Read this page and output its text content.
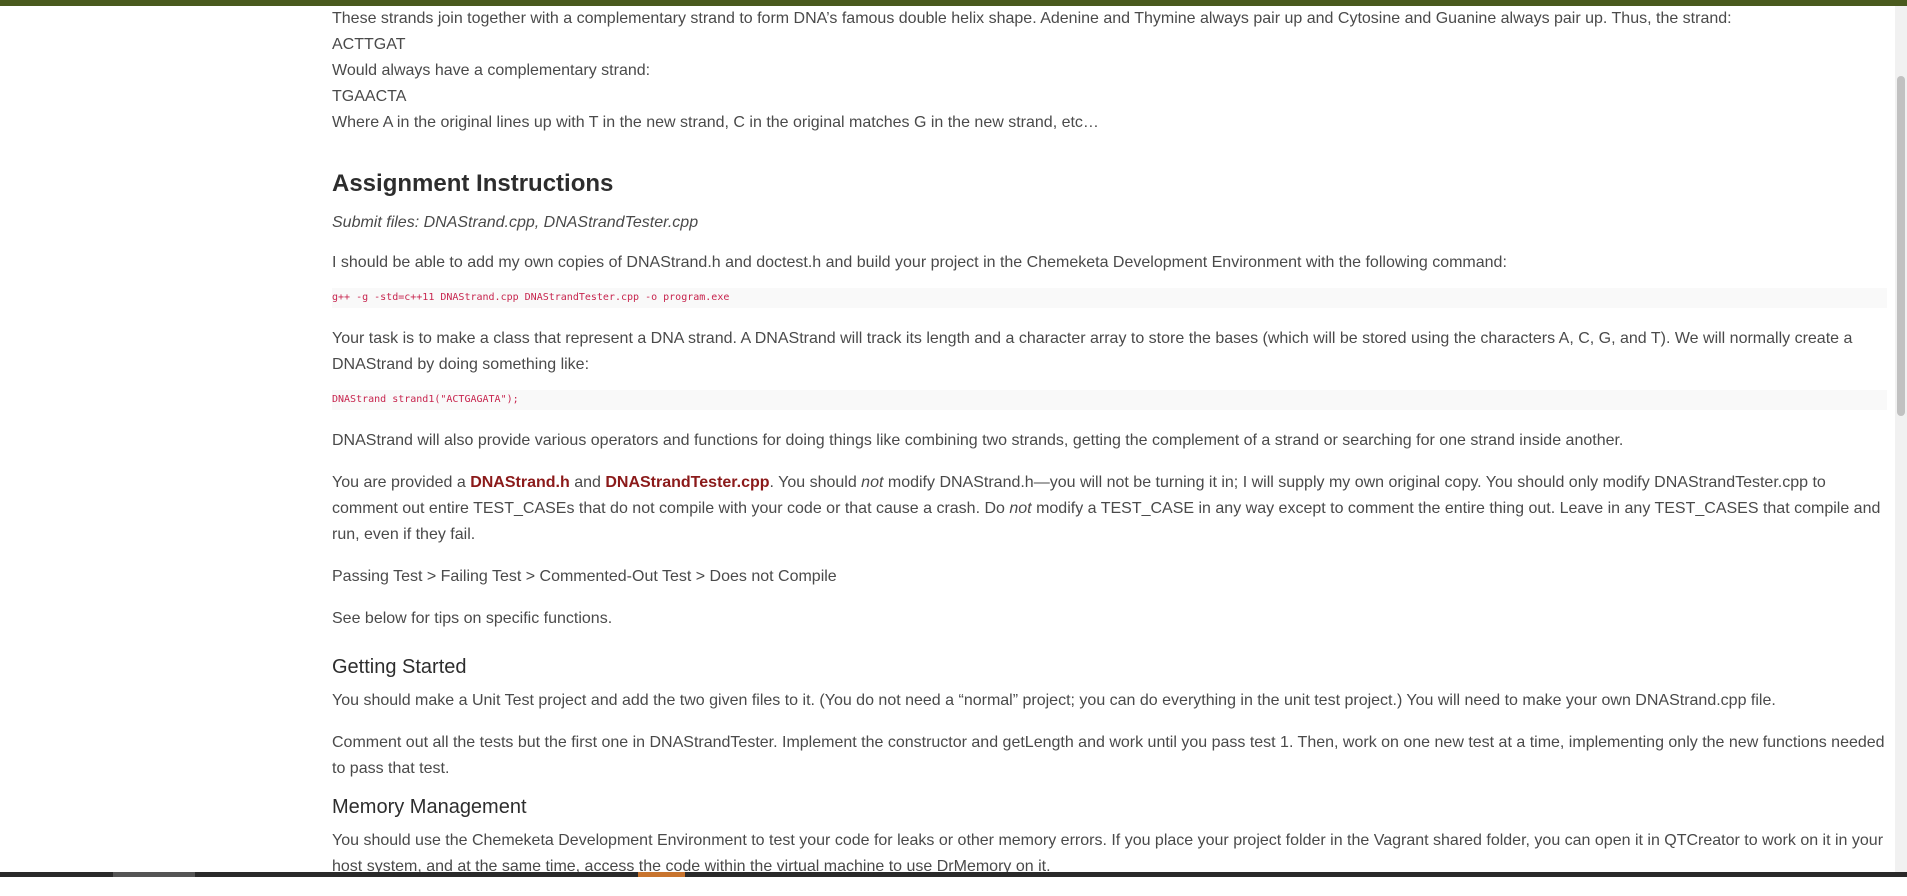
These strands join together with a complementary strand to form DNA’s famous double helix shape. Adenine and Thymine always pair up and Cytosine and Guanine always pair up. Thus, the strand:

ACTTGAT

Would always have a complementary strand:

TGAACTA

Where A in the original lines up with T in the new strand, C in the original matches G in the new strand, etc…

Assignment Instructions

Submit files: DNAStrand.cpp, DNAStrandTester.cpp

I should be able to add my own copies of DNAStrand.h and doctest.h and build your project in the Chemeketa Development Environment with the following command:

g++ -g -std=c++11 DNAStrand.cpp DNAStrandTester.cpp -o program.exe

Your task is to make a class that represent a DNA strand. A DNAStrand will track its length and a character array to store the bases (which will be stored using the characters A, C, G, and T). We will normally create a DNAStrand by doing something like:

DNAStrand strand1("ACTGAGATA");

DNAStrand will also provide various operators and functions for doing things like combining two strands, getting the complement of a strand or searching for one strand inside another.

You are provided a DNAStrand.h and DNAStrandTester.cpp. You should not modify DNAStrand.h—you will not be turning it in; I will supply my own original copy. You should only modify DNAStrandTester.cpp to comment out entire TEST_CASEs that do not compile with your code or that cause a crash. Do not modify a TEST_CASE in any way except to comment the entire thing out. Leave in any TEST_CASES that compile and run, even if they fail.

Passing Test > Failing Test > Commented-Out Test > Does not Compile

See below for tips on specific functions.

Getting Started

You should make a Unit Test project and add the two given files to it. (You do not need a “normal” project; you can do everything in the unit test project.) You will need to make your own DNAStrand.cpp file.

Comment out all the tests but the first one in DNAStrandTester. Implement the constructor and getLength and work until you pass test 1. Then, work on one new test at a time, implementing only the new functions needed to pass that test.

Memory Management

You should use the Chemeketa Development Environment to test your code for leaks or other memory errors. If you place your project folder in the Vagrant shared folder, you can open it in QTCreator to work on it in your host system, and at the same time, access the code within the virtual machine to use DrMemory on it.
